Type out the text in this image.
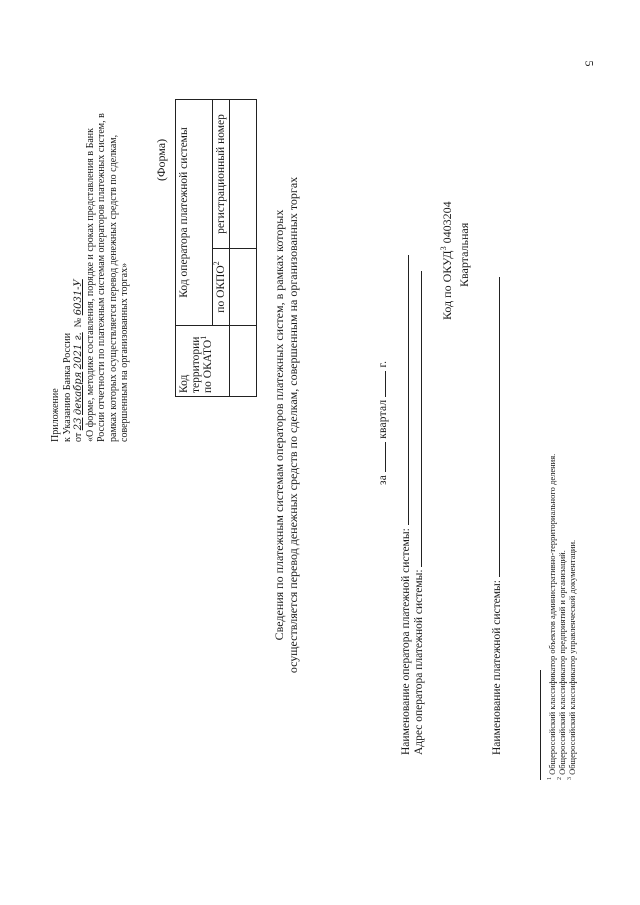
5
Приложение к Указанию Банка России от 23 декабря 2021 г.  № 6031-У «О форме, методике составления, порядке и сроках представления в Банк России отчетности по платежным системам операторов платежных систем, в рамках которых осуществляется перевод денежных средств по сделкам, совершенным на организованных торгах»
(Форма)
Код территории по ОКАТО$^1$	Код оператора платежной системы	
	по ОКПО$^2$	регистрационный номер

Сведения по платежным системам операторов платежных систем, в рамках которых осуществляется перевод денежных средств по сделкам, совершенным на организованных торгах	за  квартал  г.
Наименование оператора платежной системы: Адрес оператора платежной системы:
Код по ОКУД$^3$ 0403204
Квартальная
Наименование платежной системы:
$^1$ Общероссийский классификатор объектов административно-территориального деления.
$^2$ Общероссийский классификатор предприятий и организаций.
$^3$ Общероссийский классификатор управленческой документации.
